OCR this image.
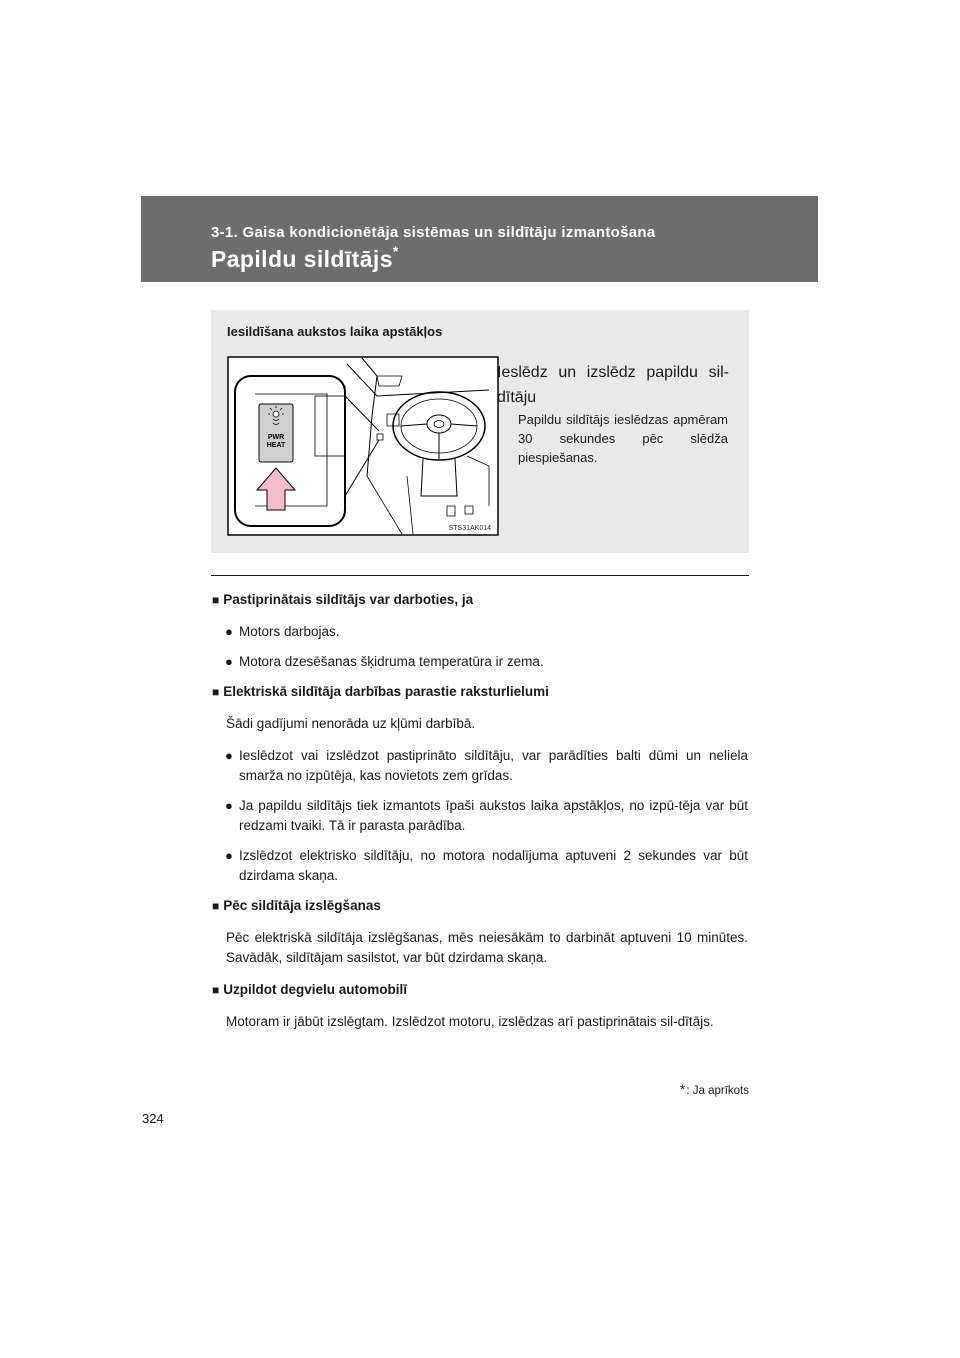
3-1. Gaisa kondicionētāja sistēmas un sildītāju izmantošana
Papildu sildītājs*
Iesildīšana aukstos laika apstākļos
PWR
HEAT
STS31AK014
Ieslēdz un izslēdz papildu sil-dītāju
Papildu sildītājs ieslēdzas apmēram 30 sekundes pēc slēdža piespiešanas.
■ Pastiprinātais sildītājs var darboties, ja
● Motors darbojas.
● Motora dzesēšanas šķidruma temperatūra ir zema.
■ Elektriskā sildītāja darbības parastie raksturlielumi
Šādi gadījumi nenorāda uz kļūmi darbībā.
● Ieslēdzot vai izslēdzot pastiprināto sildītāju, var parādīties balti dūmi un neliela smarža no izpūtēja, kas novietots zem grīdas.
● Ja papildu sildītājs tiek izmantots īpaši aukstos laika apstākļos, no izpū-tēja var būt redzami tvaiki. Tā ir parasta parādība.
● Izslēdzot elektrisko sildītāju, no motora nodalījuma aptuveni 2 sekundes var būt dzirdama skaņa.
■ Pēc sildītāja izslēgšanas
Pēc elektriskā sildītāja izslēgšanas, mēs neiesākām to darbināt aptuveni 10 minūtes. Savādāk, sildītājam sasilstot, var būt dzirdama skaņa.
■ Uzpildot degvielu automobilī
Motoram ir jābūt izslēgtam. Izslēdzot motoru, izslēdzas arī pastiprinātais sil-dītājs.
*: Ja aprīkots
324
